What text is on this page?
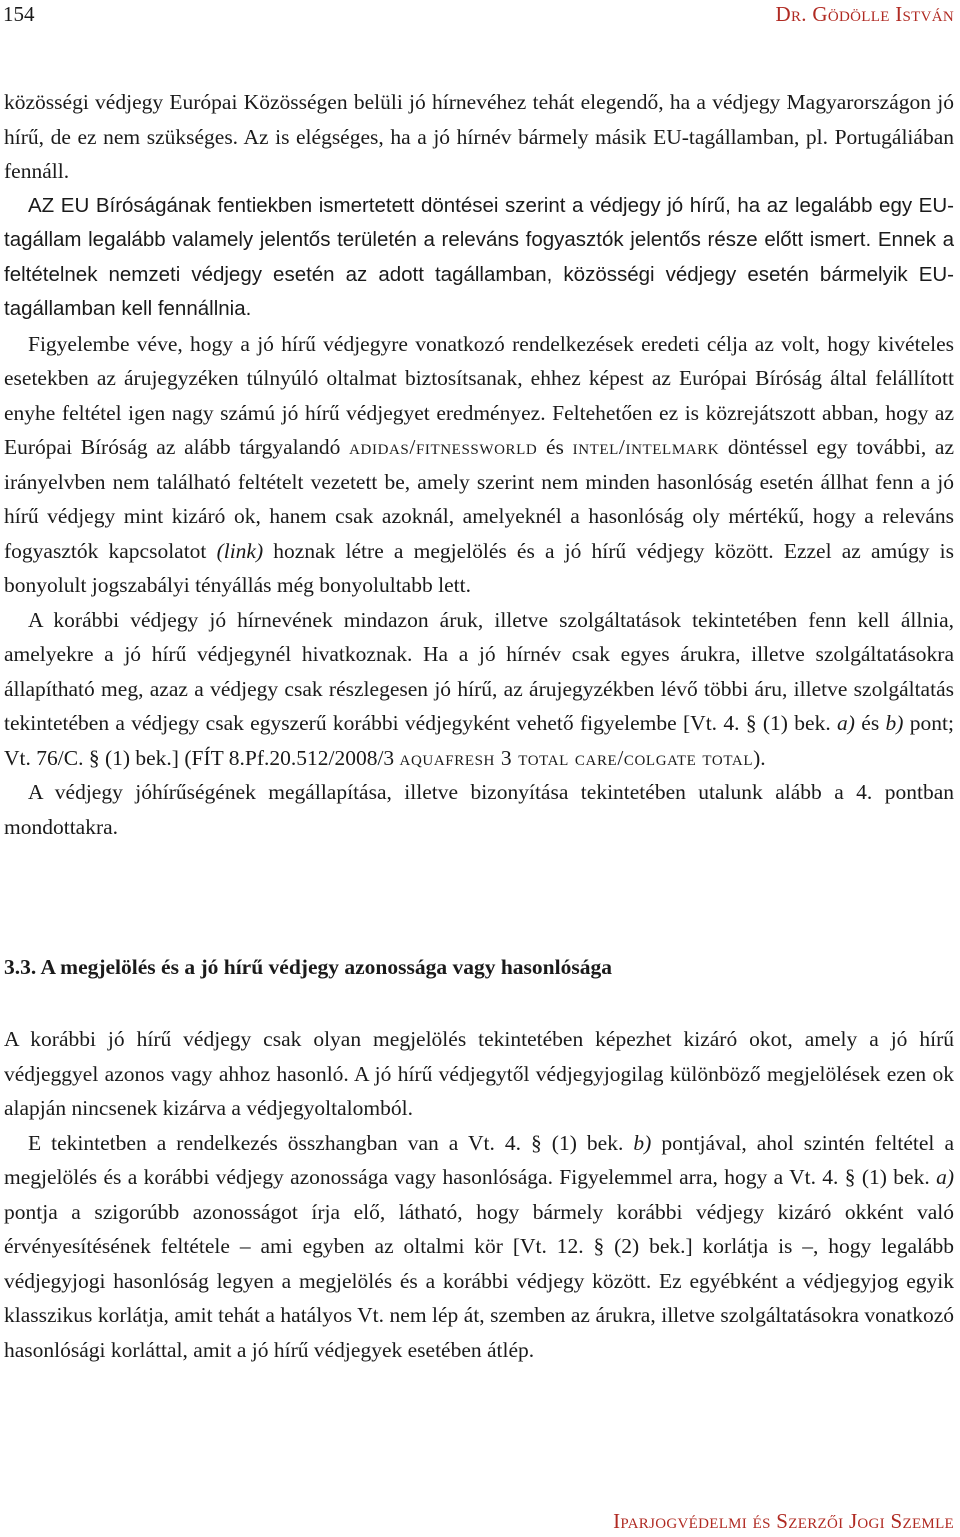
154	Dr. Gödölle István

közösségi védjegy Európai Közösségen belüli jó hírnevéhez tehát elegendő, ha a védjegy Magyarországon jó hírű, de ez nem szükséges. Az is elégséges, ha a jó hírnév bármely másik EU-tagállamban, pl. Portugáliában fennáll.

AZ EU Bíróságának fentiekben ismertetett döntései szerint a védjegy jó hírű, ha az legalább egy EU-tagállam legalább valamely jelentős területén a releváns fogyasztók jelentős része előtt ismert. Ennek a feltételnek nemzeti védjegy esetén az adott tagállamban, közösségi védjegy esetén bármelyik EU-tagállamban kell fennállnia.

Figyelembe véve, hogy a jó hírű védjegyre vonatkozó rendelkezések eredeti célja az volt, hogy kivételes esetekben az árujegyzéken túlnyúló oltalmat biztosítsanak, ehhez képest az Európai Bíróság által felállított enyhe feltétel igen nagy számú jó hírű védjegyet eredményez. Feltehetően ez is közrejátszott abban, hogy az Európai Bíróság az alább tárgyalandó adidas/fitnessworld és intel/intelmark döntéssel egy további, az irányelvben nem található feltételt vezetett be, amely szerint nem minden hasonlóság esetén állhat fenn a jó hírű védjegy mint kizáró ok, hanem csak azoknál, amelyeknél a hasonlóság oly mértékű, hogy a releváns fogyasztók kapcsolatot (link) hoznak létre a megjelölés és a jó hírű védjegy között. Ezzel az amúgy is bonyolult jogszabályi tényállás még bonyolultabb lett.

A korábbi védjegy jó hírnevének mindazon áruk, illetve szolgáltatások tekintetében fenn kell állnia, amelyekre a jó hírű védjegynél hivatkoznak. Ha a jó hírnév csak egyes árukra, illetve szolgáltatásokra állapítható meg, azaz a védjegy csak részlegesen jó hírű, az árujegyzékben lévő többi áru, illetve szolgáltatás tekintetében a védjegy csak egyszerű korábbi védjegyként vehető figyelembe [Vt. 4. § (1) bek. a) és b) pont; Vt. 76/C. § (1) bek.] (FÍT 8.Pf.20.512/2008/3 aquafresh 3 total care/colgate total).

A védjegy jóhírűségének megállapítása, illetve bizonyítása tekintetében utalunk alább a 4. pontban mondottakra.

3.3. A megjelölés és a jó hírű védjegy azonossága vagy hasonlósága

A korábbi jó hírű védjegy csak olyan megjelölés tekintetében képezhet kizáró okot, amely a jó hírű védjeggyel azonos vagy ahhoz hasonló. A jó hírű védjegytől védjegyjogilag különböző megjelölések ezen ok alapján nincsenek kizárva a védjegyoltalomból.

E tekintetben a rendelkezés összhangban van a Vt. 4. § (1) bek. b) pontjával, ahol szintén feltétel a megjelölés és a korábbi védjegy azonossága vagy hasonlósága. Figyelemmel arra, hogy a Vt. 4. § (1) bek. a) pontja a szigorúbb azonosságot írja elő, látható, hogy bármely korábbi védjegy kizáró okként való érvényesítésének feltétele – ami egyben az oltalmi kör [Vt. 12. § (2) bek.] korlátja is –, hogy legalább védjegyjogi hasonlóság legyen a megjelölés és a korábbi védjegy között. Ez egyébként a védjegyjog egyik klasszikus korlátja, amit tehát a hatályos Vt. nem lép át, szemben az árukra, illetve szolgáltatásokra vonatkozó hasonlósági korláttal, amit a jó hírű védjegyek esetében átlép.

Iparjogvédelmi és Szerzői Jogi Szemle
